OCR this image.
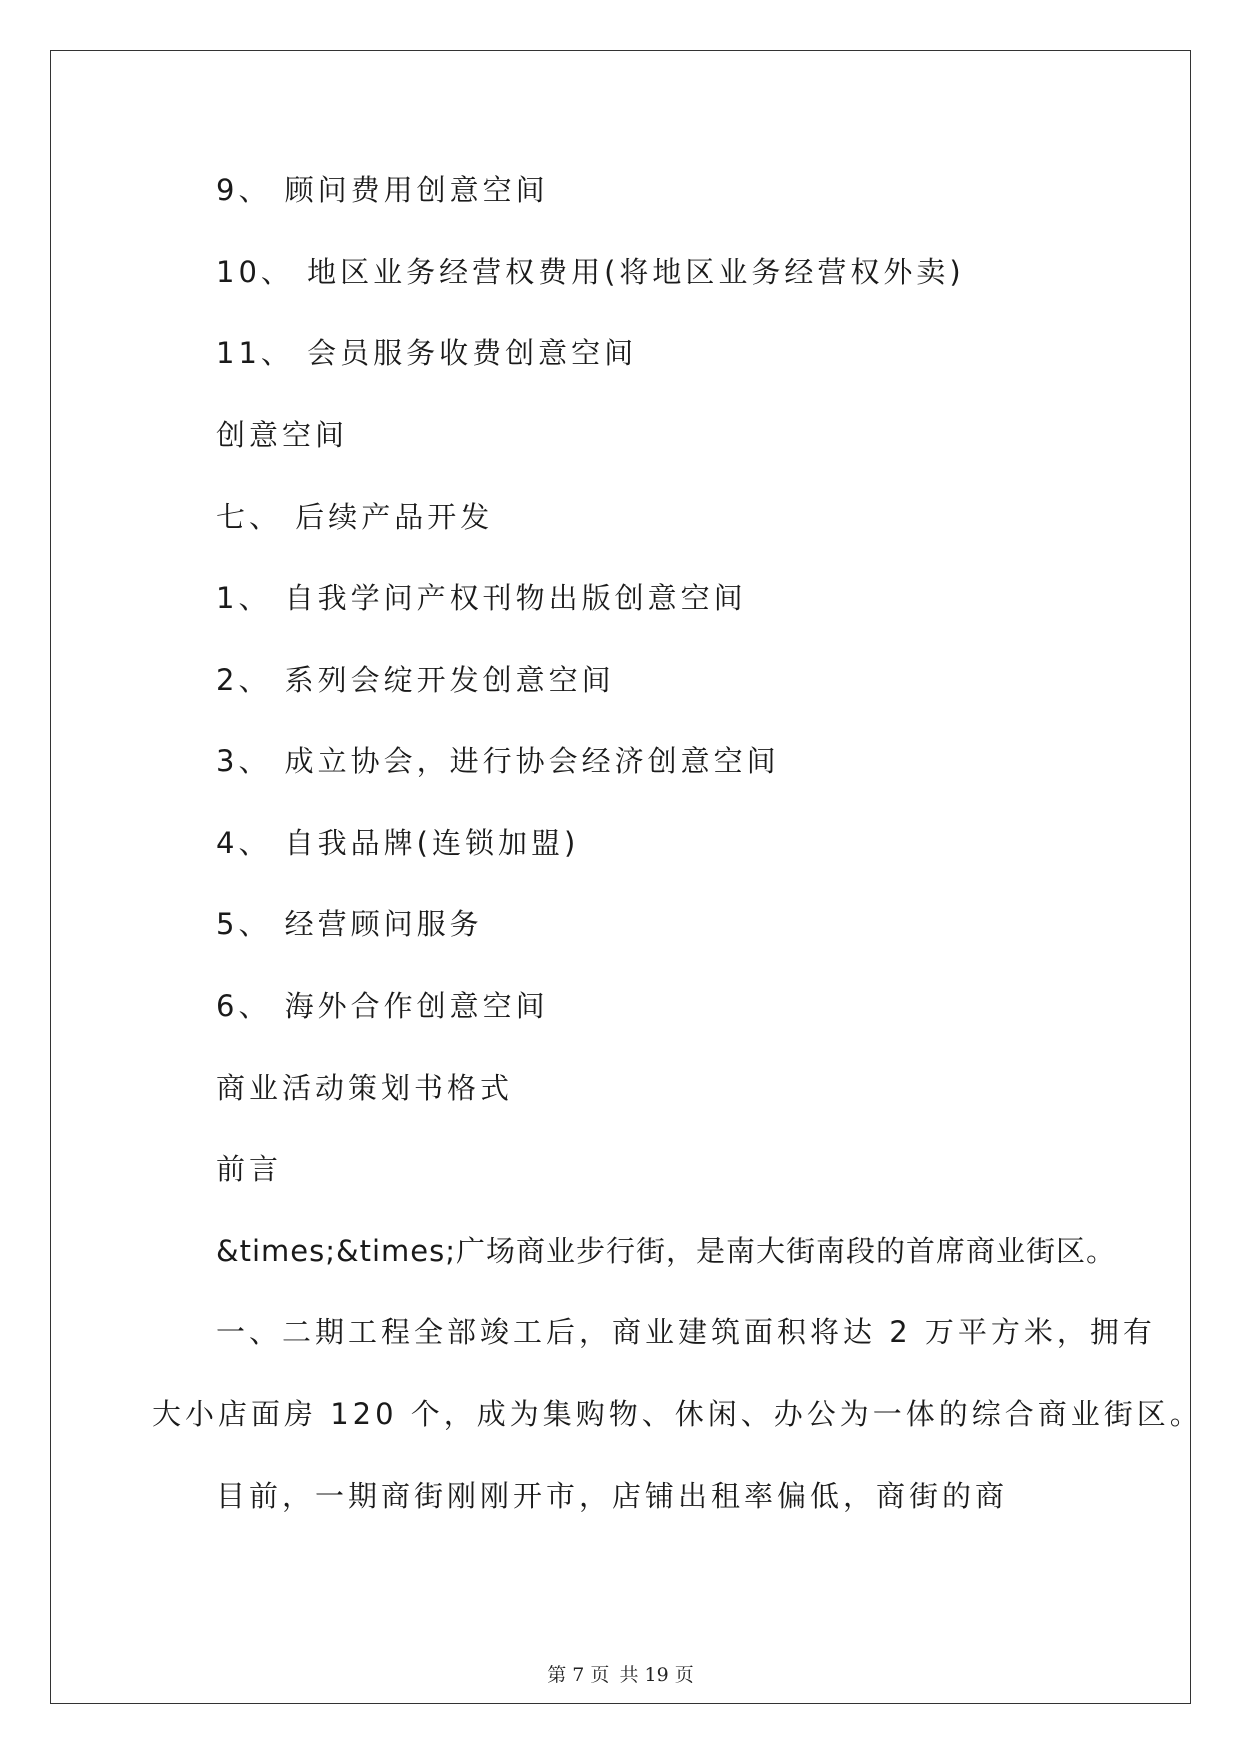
9、 顾问费用创意空间

10、 地区业务经营权费用(将地区业务经营权外卖)

11、 会员服务收费创意空间

创意空间

七、 后续产品开发

1、 自我学问产权刊物出版创意空间

2、 系列会绽开发创意空间

3、 成立协会，进行协会经济创意空间

4、 自我品牌(连锁加盟)

5、 经营顾问服务

6、 海外合作创意空间

商业活动策划书格式

前言

&times;&times;广场商业步行街，是南大街南段的首席商业街区。

一、二期工程全部竣工后，商业建筑面积将达 2 万平方米，拥有

大小店面房 120 个，成为集购物、休闲、办公为一体的综合商业街区。

目前，一期商街刚刚开市，店铺出租率偏低，商街的商

第 7 页 共 19 页
